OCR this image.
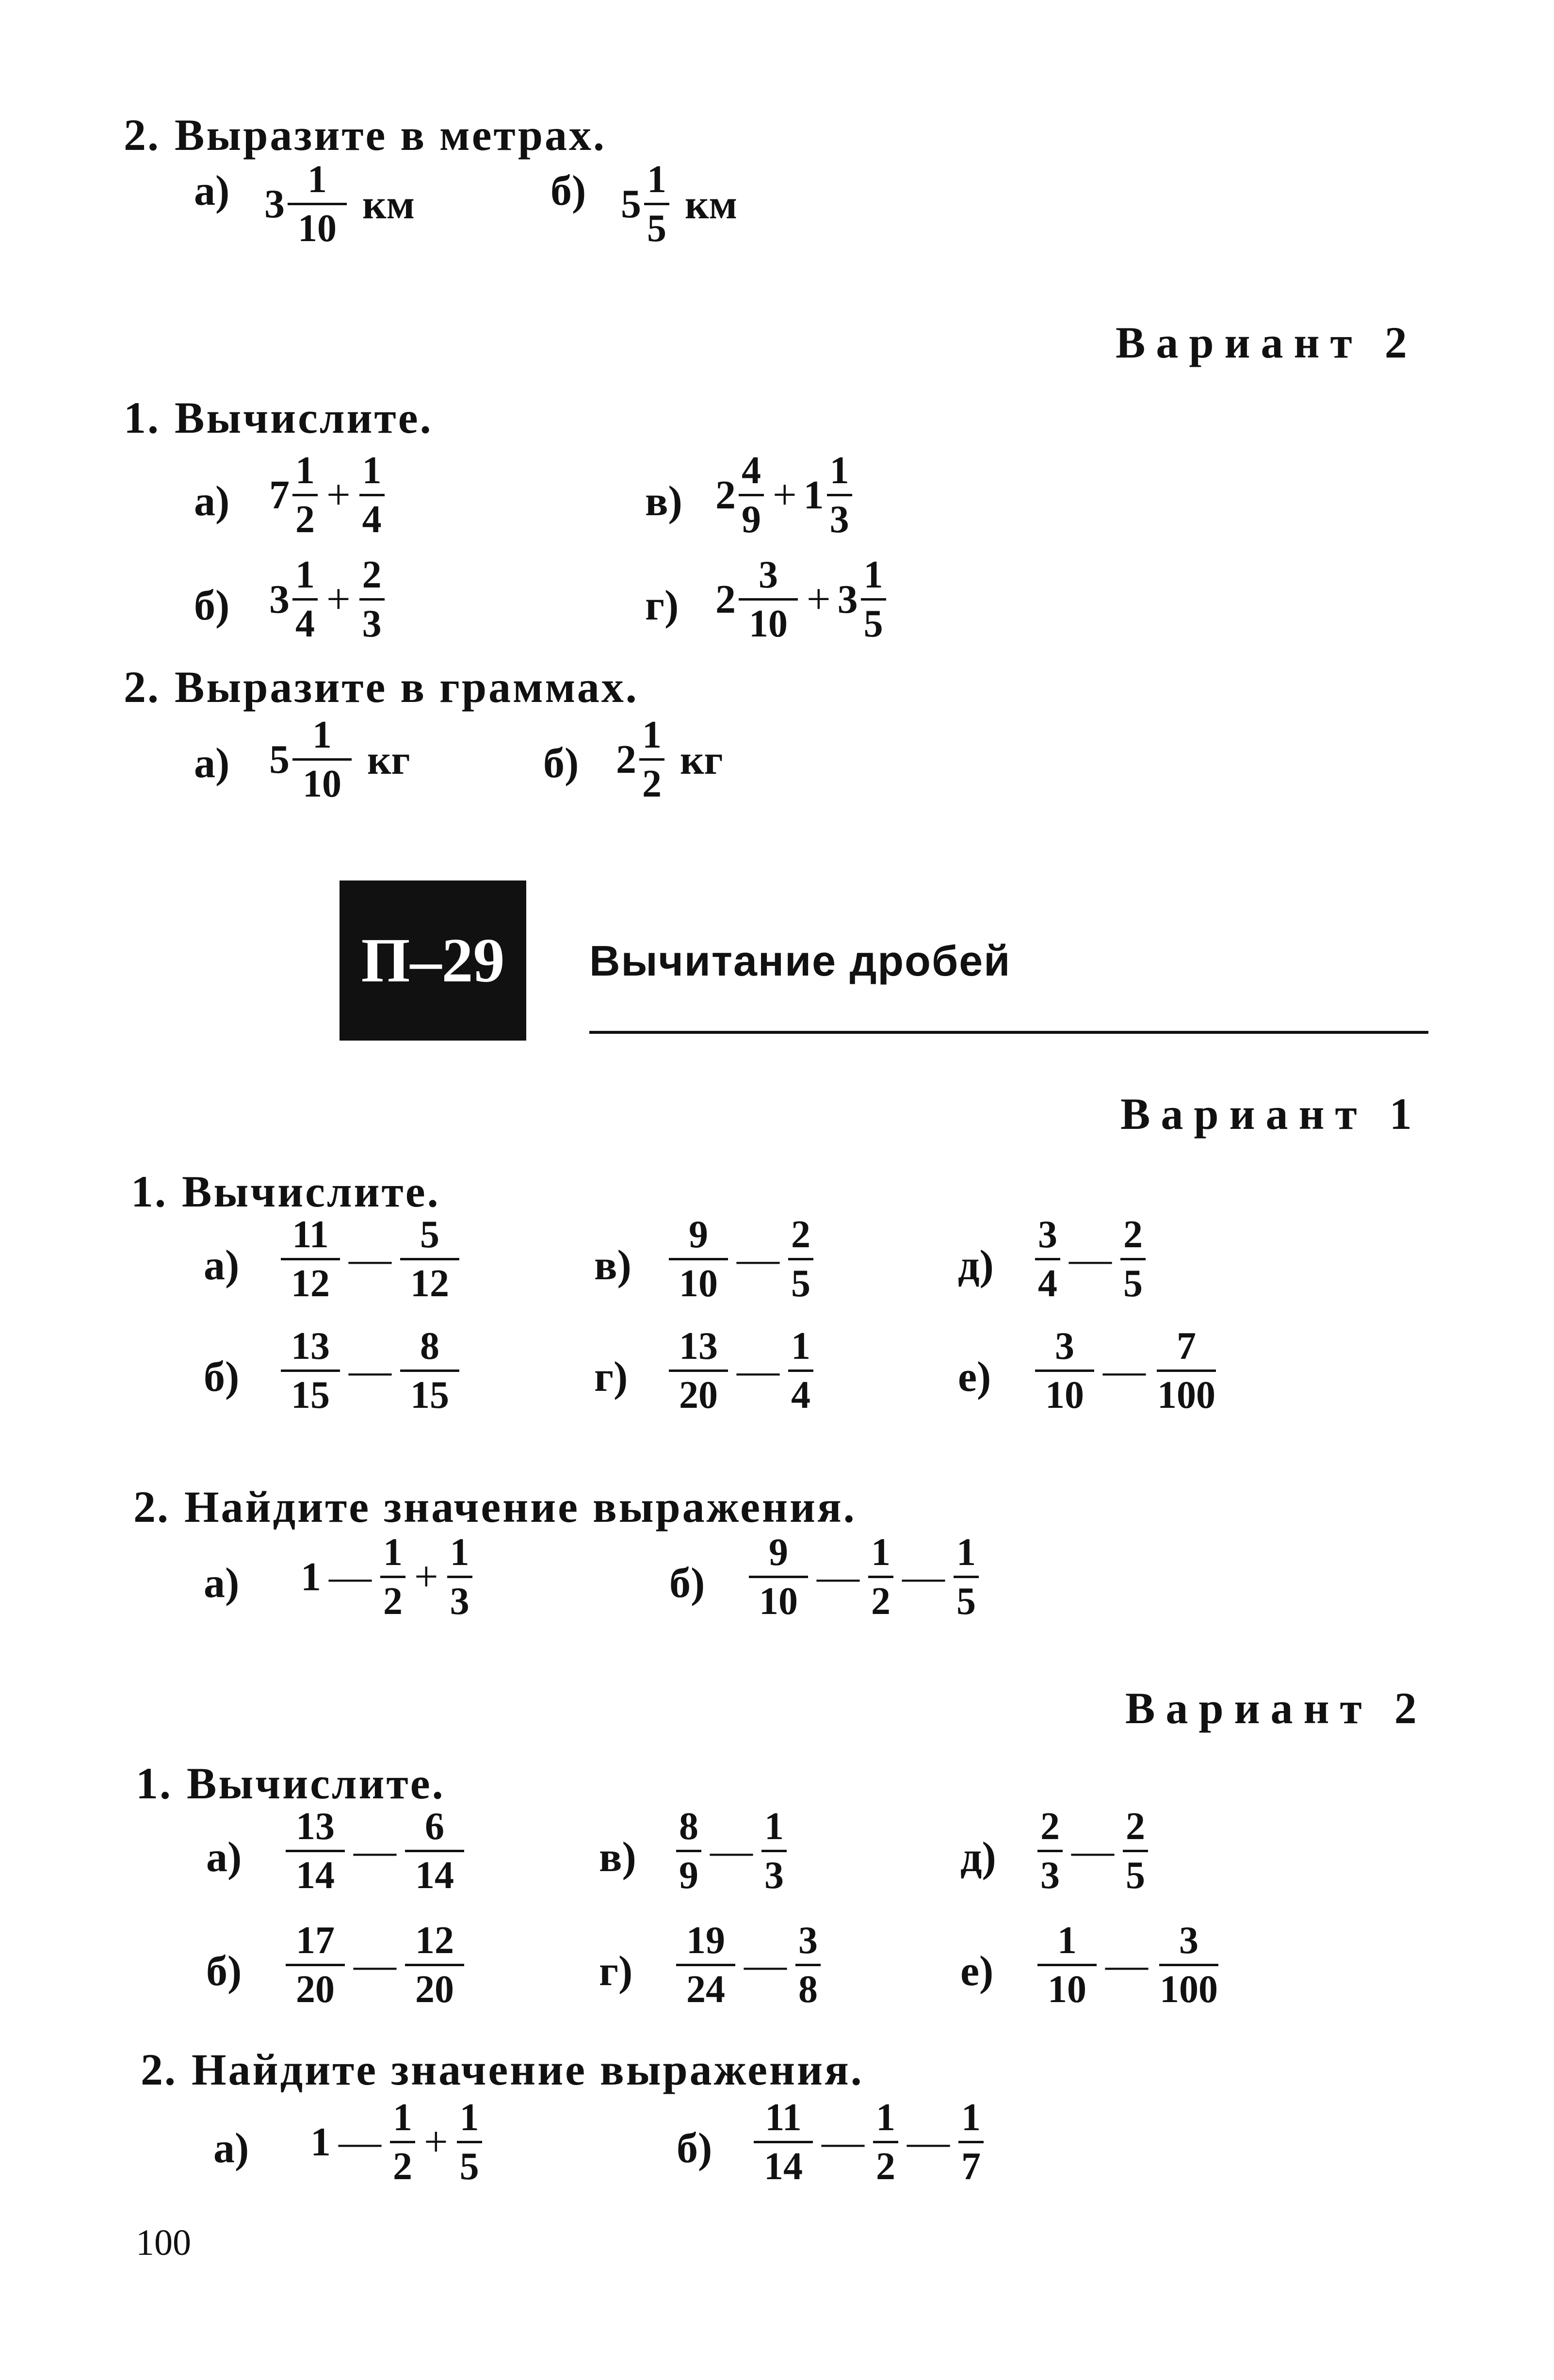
2. Выразите в метрах.
а) $3 \frac{1}{10}$ км	б) $5 \frac{1}{5}$ км
Вариант 2
1. Вычислите.
а) $7 \frac{1}{2} + \frac{1}{4}$
б) $3 \frac{1}{4} + \frac{2}{3}$
в) $2 \frac{4}{9} + 1 \frac{1}{3}$
г) $2 \frac{3}{10} + 3 \frac{1}{5}$
2. Выразите в граммах.
а) $5 \frac{1}{10}$ кг	б) $2 \frac{1}{2}$ кг
П–29	Вычитание дробей
Вариант 1
1. Вычислите.
$а) \frac{11}{12}$ — $\frac{5}{12}$	$в) \frac{9}{10}$ — $\frac{2}{5}$	$д) \frac{3}{4}$ — $\frac{2}{5}$
$б) \frac{13}{15}$ — $\frac{8}{15}$	$г) \frac{13}{20}$ — $\frac{1}{4}$	$е) \frac{3}{10}$ — $\frac{7}{100}$
2. Найдите значение выражения.
а) 1 — $\frac{1}{2} + \frac{1}{3}$	$б) \frac{9}{10}$ — $\frac{1}{2}$ — $\frac{1}{5}$
Вариант 2
1. Вычислите.
$а) \frac{13}{14}$ — $\frac{6}{14}$	$в) \frac{8}{9}$ — $\frac{1}{3}$	$д) \frac{2}{3}$ — $\frac{2}{5}$
$б) \frac{17}{20}$ — $\frac{12}{20}$	$г) \frac{19}{24}$ — $\frac{3}{8}$	$е) \frac{1}{10}$ — $\frac{3}{100}$
2. Найдите значение выражения.
а) 1 — $\frac{1}{2} + \frac{1}{5}$	$б) \frac{11}{14}$ — $\frac{1}{2}$ — $\frac{1}{7}$
100
